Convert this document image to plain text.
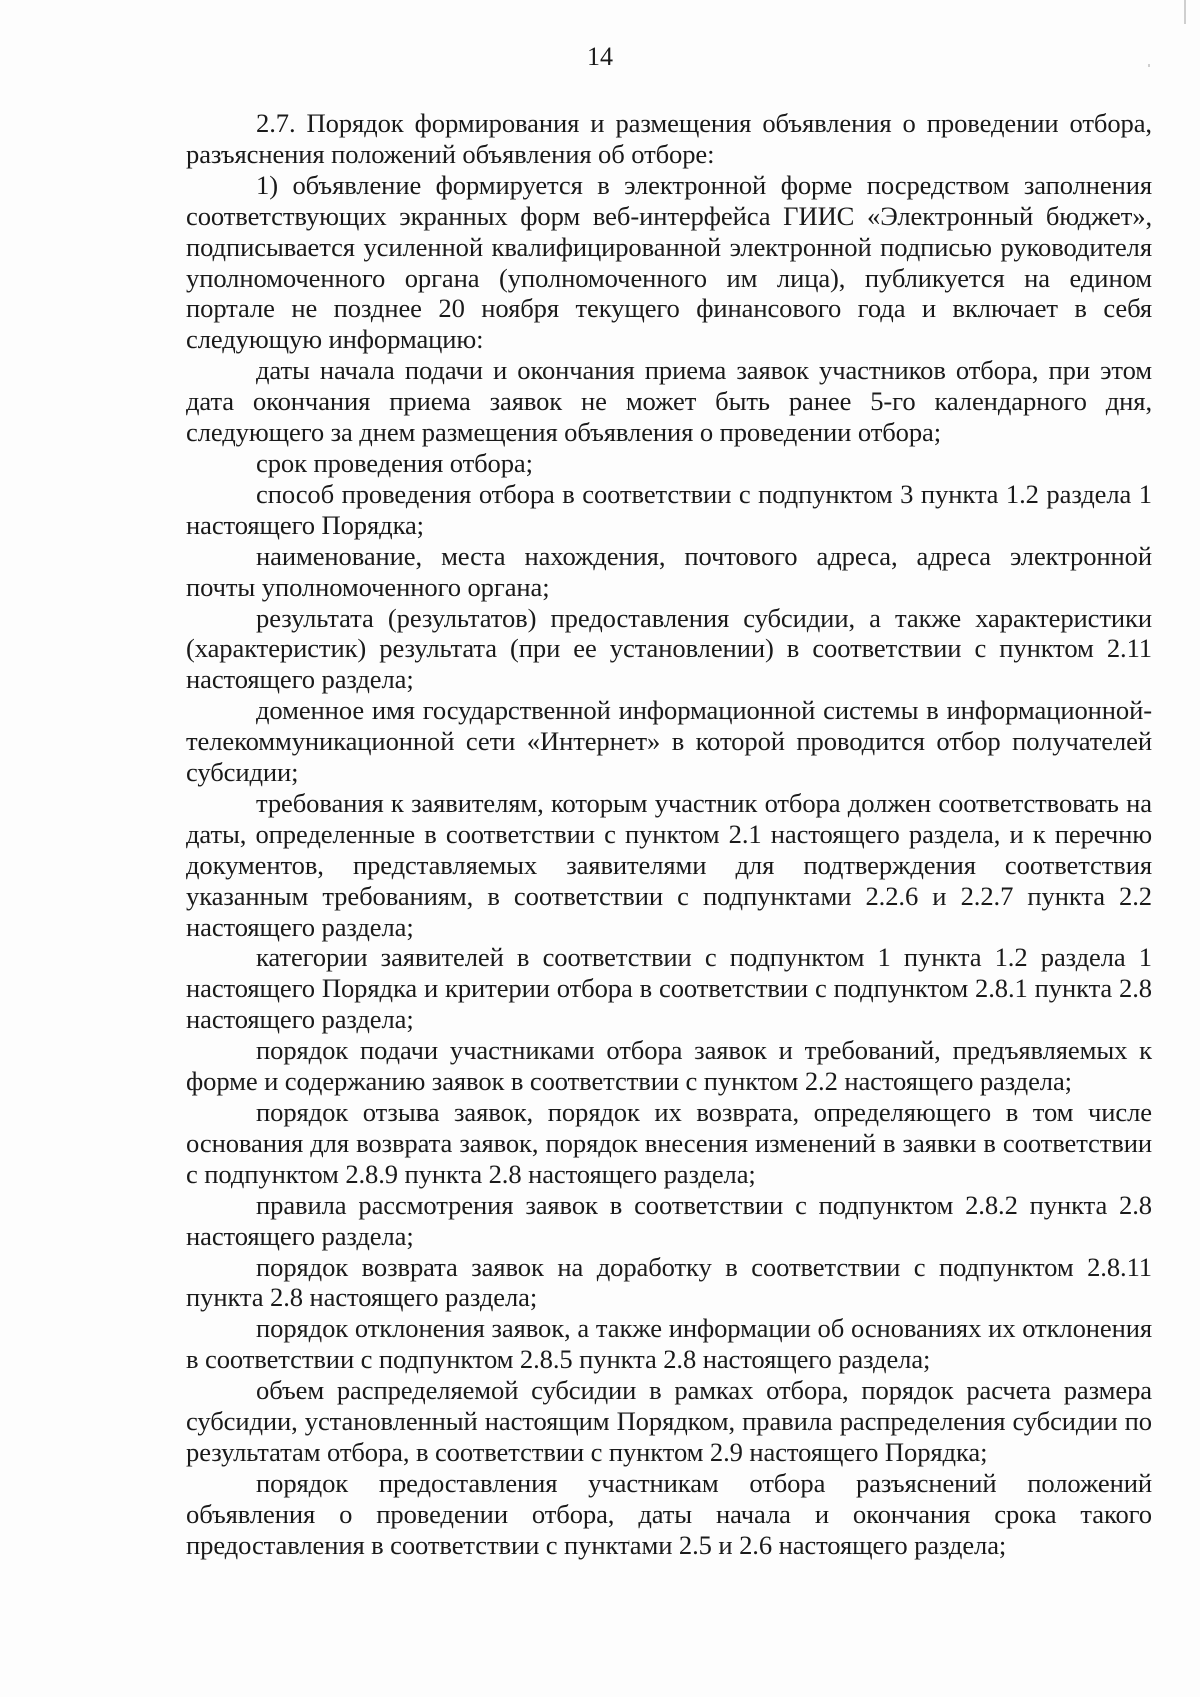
14

2.7. Порядок формирования и размещения объявления о проведении отбора, разъяснения положений объявления об отборе:

1) объявление формируется в электронной форме посредством заполнения соответствующих экранных форм веб-интерфейса ГИИС «Электронный бюджет», подписывается усиленной квалифицированной электронной подписью руководителя уполномоченного органа (уполномоченного им лица), публикуется на едином портале не позднее 20 ноября текущего финансового года и включает в себя следующую информацию:

даты начала подачи и окончания приема заявок участников отбора, при этом дата окончания приема заявок не может быть ранее 5-го календарного дня, следующего за днем размещения объявления о проведении отбора;

срок проведения отбора;

способ проведения отбора в соответствии с подпунктом 3 пункта 1.2 раздела 1 настоящего Порядка;

наименование, места нахождения, почтового адреса, адреса электронной почты уполномоченного органа;

результата (результатов) предоставления субсидии, а также характеристики (характеристик) результата (при ее установлении) в соответствии с пунктом 2.11 настоящего раздела;

доменное имя государственной информационной системы в информационной-телекоммуникационной сети «Интернет» в которой проводится отбор получателей субсидии;

требования к заявителям, которым участник отбора должен соответствовать на даты, определенные в соответствии с пунктом 2.1 настоящего раздела, и к перечню документов, представляемых заявителями для подтверждения соответствия указанным требованиям, в соответствии с подпунктами 2.2.6 и 2.2.7 пункта 2.2 настоящего раздела;

категории заявителей в соответствии с подпунктом 1 пункта 1.2 раздела 1 настоящего Порядка и критерии отбора в соответствии с подпунктом 2.8.1 пункта 2.8 настоящего раздела;

порядок подачи участниками отбора заявок и требований, предъявляемых к форме и содержанию заявок в соответствии с пунктом 2.2 настоящего раздела;

порядок отзыва заявок, порядок их возврата, определяющего в том числе основания для возврата заявок, порядок внесения изменений в заявки в соответствии с подпунктом 2.8.9 пункта 2.8 настоящего раздела;

правила рассмотрения заявок в соответствии с подпунктом 2.8.2 пункта 2.8 настоящего раздела;

порядок возврата заявок на доработку в соответствии с подпунктом 2.8.11 пункта 2.8 настоящего раздела;

порядок отклонения заявок, а также информации об основаниях их отклонения в соответствии с подпунктом 2.8.5 пункта 2.8 настоящего раздела;

объем распределяемой субсидии в рамках отбора, порядок расчета размера субсидии, установленный настоящим Порядком, правила распределения субсидии по результатам отбора, в соответствии с пунктом 2.9 настоящего Порядка;

порядок предоставления участникам отбора разъяснений положений объявления о проведении отбора, даты начала и окончания срока такого предоставления в соответствии с пунктами 2.5 и 2.6 настоящего раздела;
